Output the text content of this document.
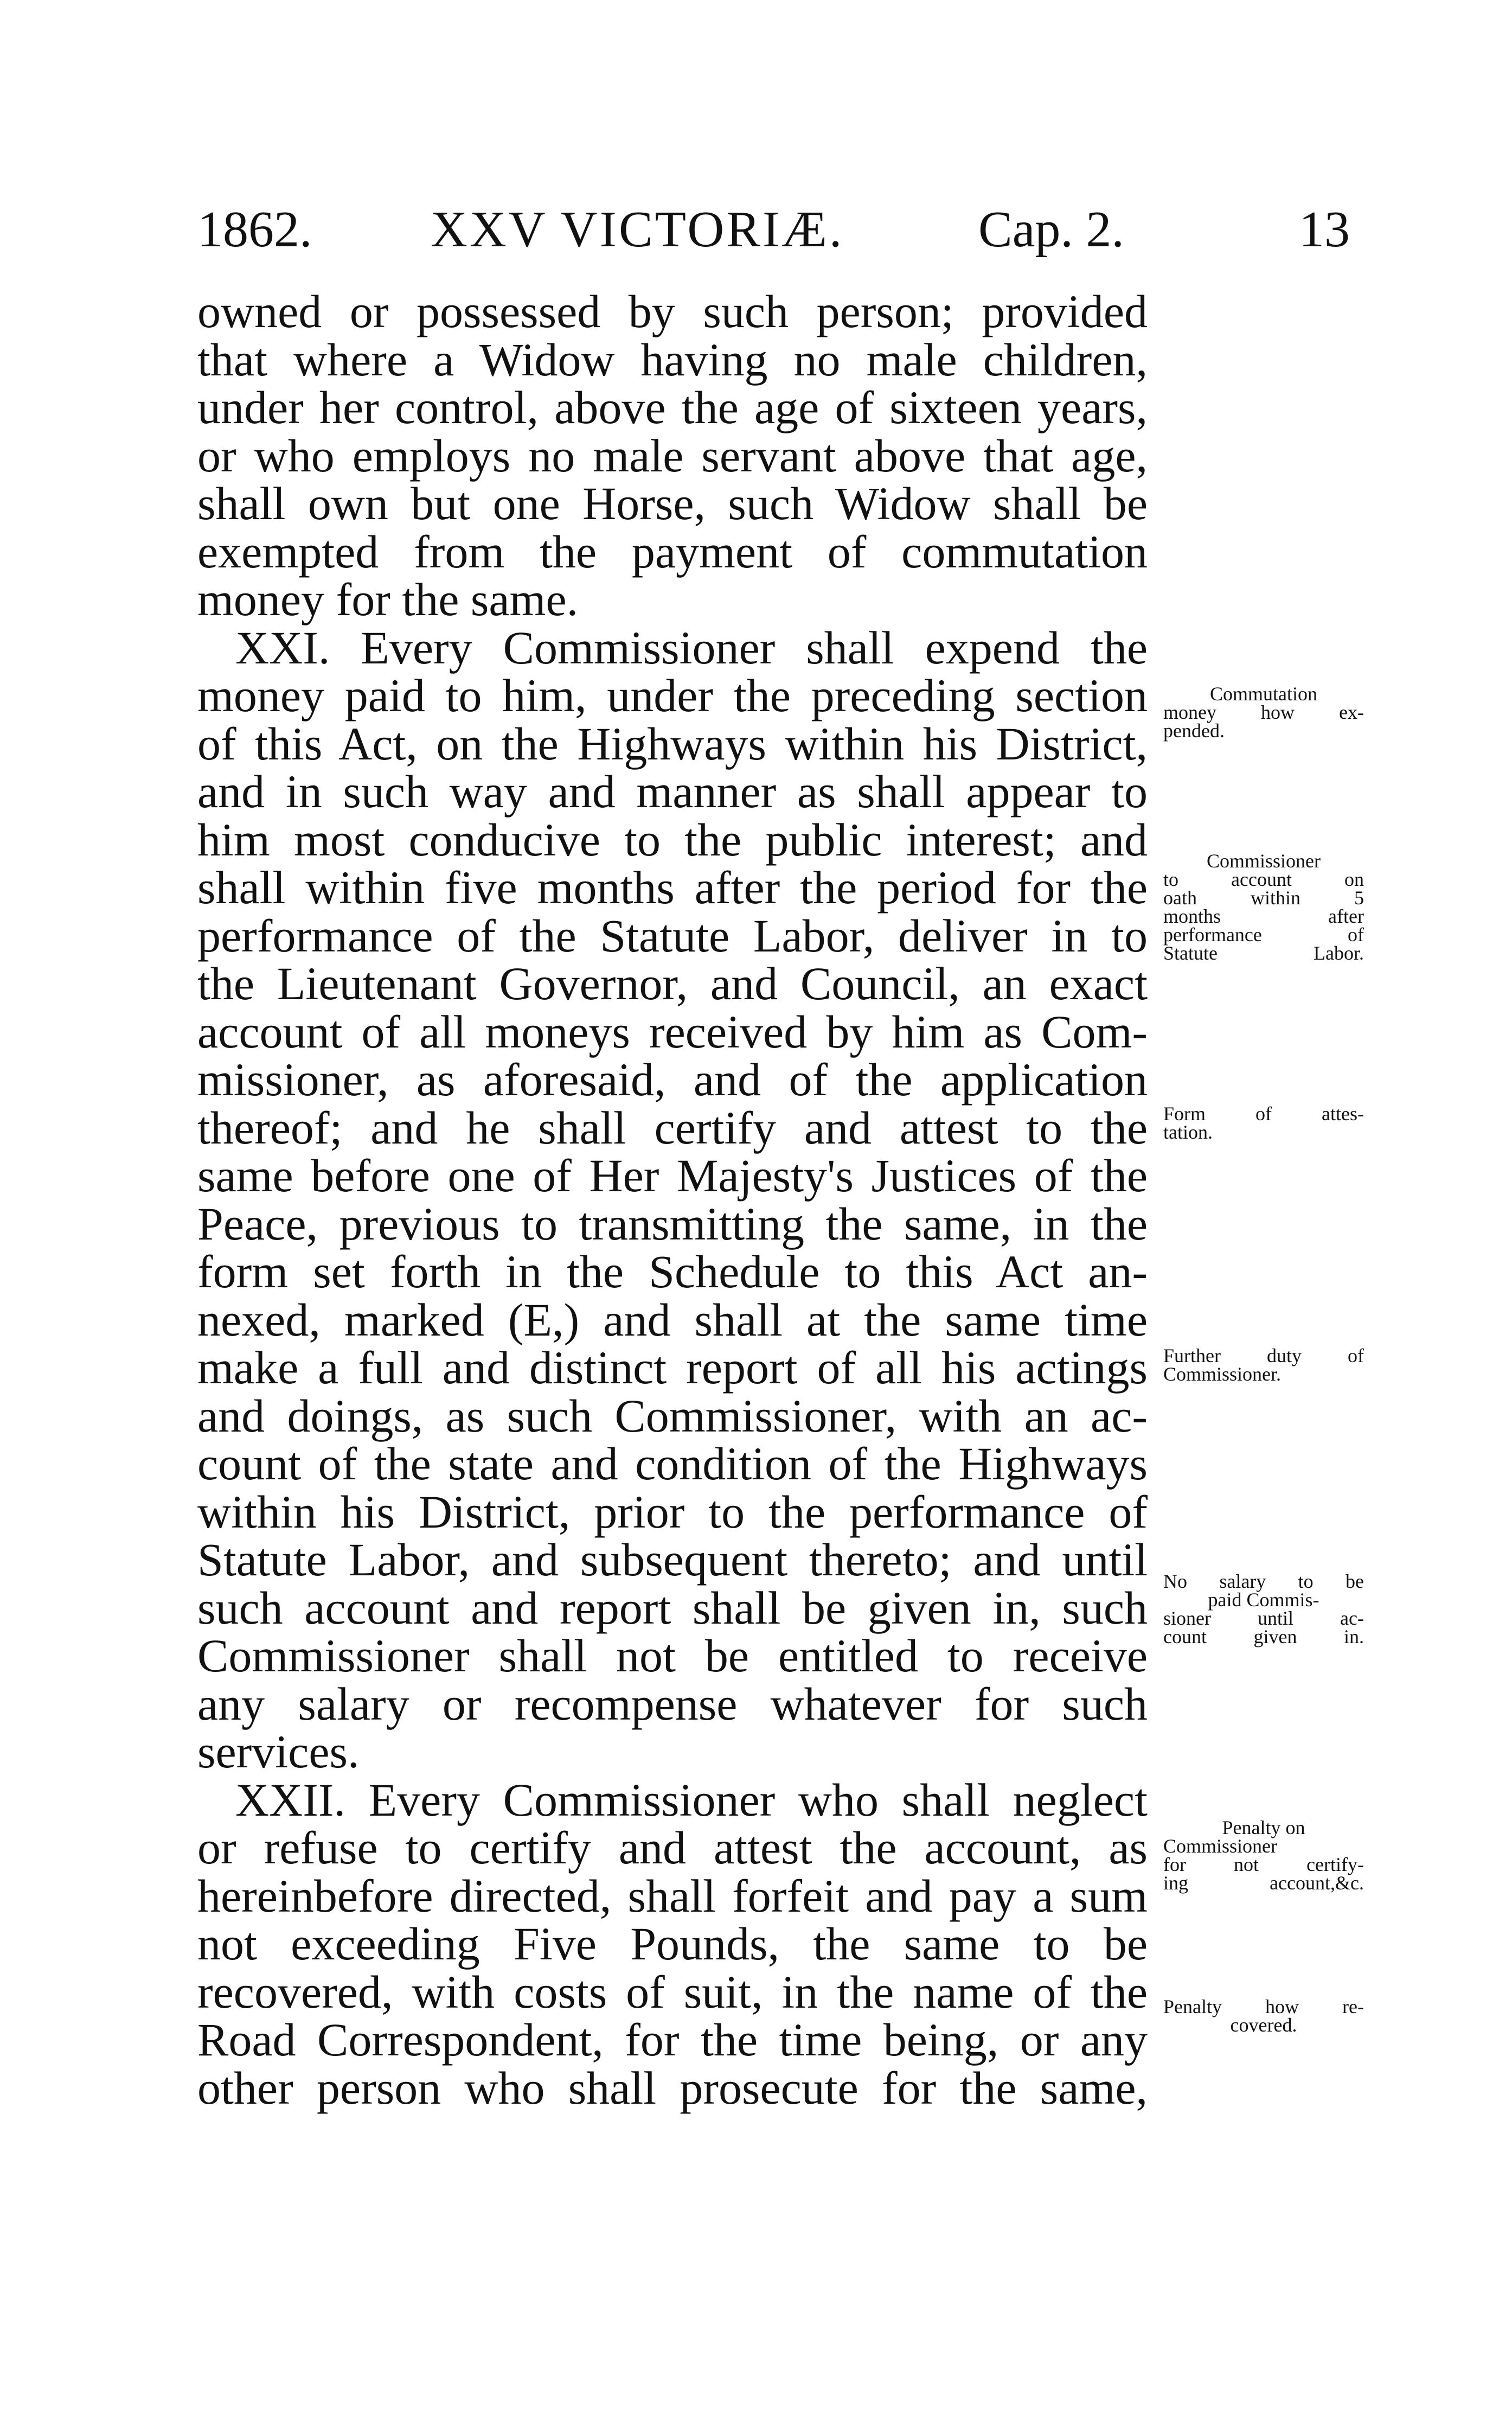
1862. XXV VICTORIÆ.	Cap. 2.	13
owned or possessed by such person; provided
that where a Widow having no male children,
under her control, above the age of sixteen years,
or who employs no male servant above that age,
shall own but one Horse, such Widow shall be
exempted from the payment of commutation
money for the same.
XXI. Every Commissioner shall expend the
money paid to him, under the preceding section
of this Act, on the Highways within his District,
and in such way and manner as shall appear to
him most conducive to the public interest; and
shall within five months after the period for the
performance of the Statute Labor, deliver in to
the Lieutenant Governor, and Council, an exact
account of all moneys received by him as Com-
missioner, as aforesaid, and of the application
thereof; and he shall certify and attest to the
same before one of Her Majesty's Justices of the
Peace, previous to transmitting the same, in the
form set forth in the Schedule to this Act an-
nexed, marked (E,) and shall at the same time
make a full and distinct report of all his actings
and doings, as such Commissioner, with an ac-
count of the state and condition of the Highways
within his District, prior to the performance of
Statute Labor, and subsequent thereto; and until
such account and report shall be given in, such
Commissioner shall not be entitled to receive
any salary or recompense whatever for such
services.
XXII. Every Commissioner who shall neglect
or refuse to certify and attest the account, as
hereinbefore directed, shall forfeit and pay a sum
not exceeding Five Pounds, the same to be
recovered, with costs of suit, in the name of the
Road Correspondent, for the time being, or any
other person who shall prosecute for the same,
Commutation
money how ex-
pended.
Commissioner
to account on
oath within 5
months after
performance of
Statute Labor.
Form of attes-
tation.
Further duty of
Commissioner.
No salary to be
paid Commis-
sioner until ac-
count given in.
Penalty on
Commissioner
for not certify-
ing account,&c.
Penalty how re-
covered.
